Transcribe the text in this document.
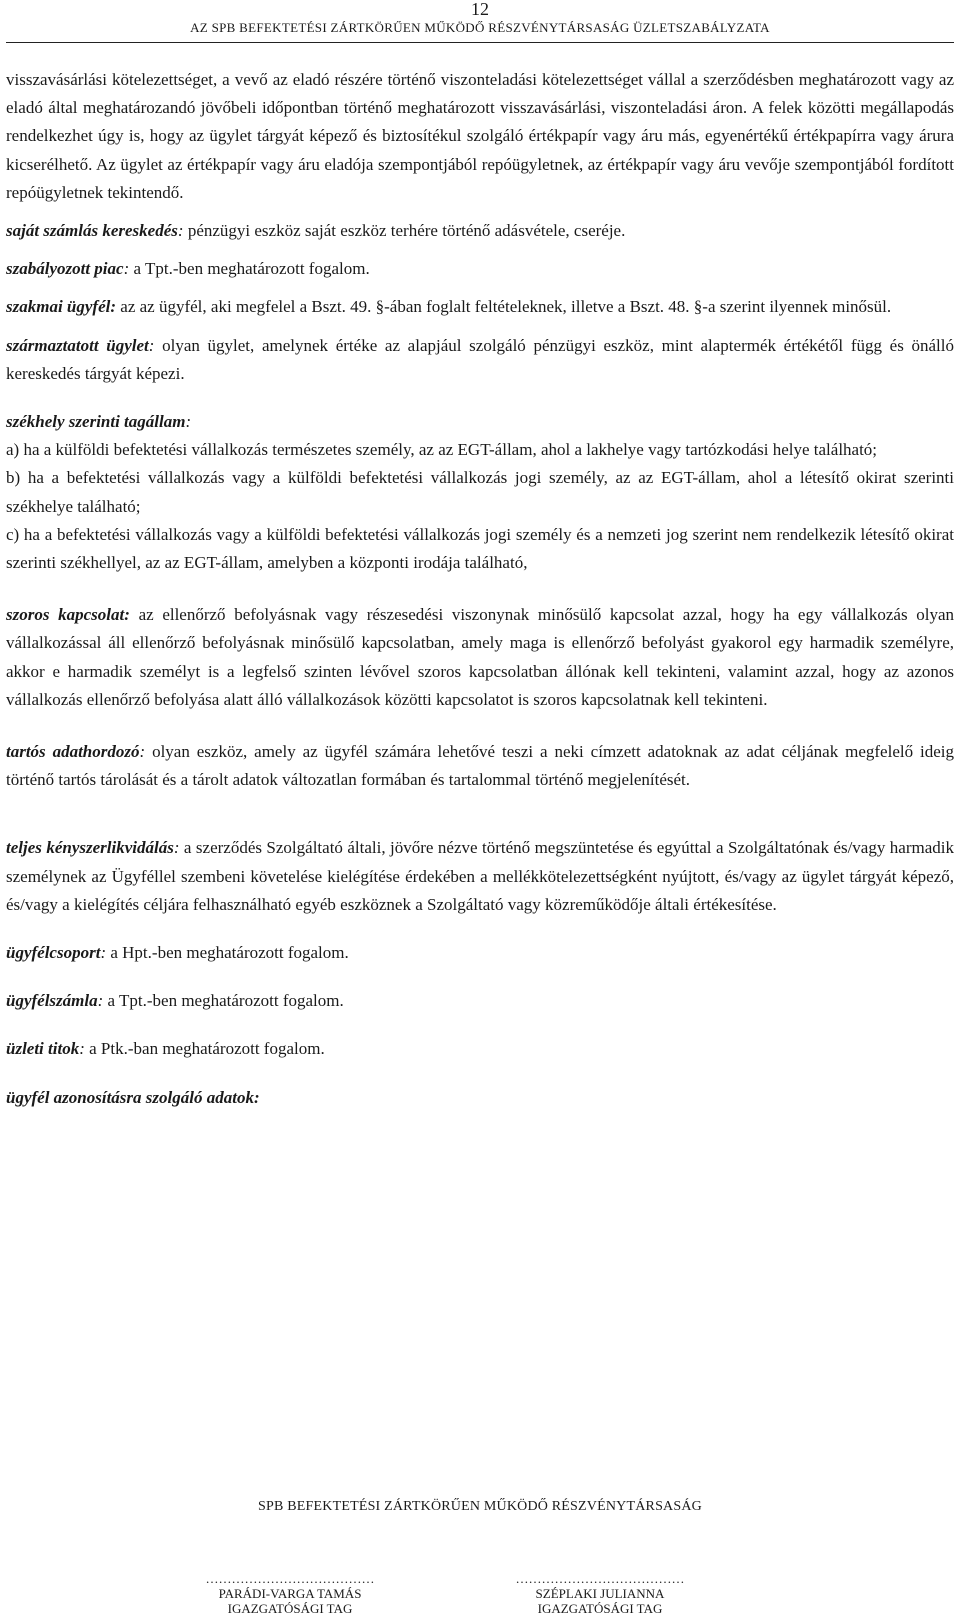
12
AZ SPB BEFEKTETÉSI ZÁRTKÖRŰEN MŰKÖDŐ RÉSZVÉNYTÁRSASÁG ÜZLETSZABÁLYZATA

visszavásárlási kötelezettséget, a vevő az eladó részére történő viszonteladási kötelezettséget vállal a szerződésben meghatározott vagy az eladó által meghatározandó jövőbeli időpontban történő meghatározott visszavásárlási, viszonteladási áron. A felek közötti megállapodás rendelkezhet úgy is, hogy az ügylet tárgyát képező és biztosítékul szolgáló értékpapír vagy áru más, egyenértékű értékpapírra vagy árura kicserélhető. Az ügylet az értékpapír vagy áru eladója szempontjából repóügyletnek, az értékpapír vagy áru vevője szempontjából fordított repóügyletnek tekintendő.

saját számlás kereskedés: pénzügyi eszköz saját eszköz terhére történő adásvétele, cseréje.

szabályozott piac: a Tpt.-ben meghatározott fogalom.

szakmai ügyfél: az az ügyfél, aki megfelel a Bszt. 49. §-ában foglalt feltételeknek, illetve a Bszt. 48. §-a szerint ilyennek minősül.

származtatott ügylet: olyan ügylet, amelynek értéke az alapjául szolgáló pénzügyi eszköz, mint alaptermék értékétől függ és önálló kereskedés tárgyát képezi.

székhely szerinti tagállam:

a) ha a külföldi befektetési vállalkozás természetes személy, az az EGT-állam, ahol a lakhelye vagy tartózkodási helye található;

b) ha a befektetési vállalkozás vagy a külföldi befektetési vállalkozás jogi személy, az az EGT-állam, ahol a létesítő okirat szerinti székhelye található;

c) ha a befektetési vállalkozás vagy a külföldi befektetési vállalkozás jogi személy és a nemzeti jog szerint nem rendelkezik létesítő okirat szerinti székhellyel, az az EGT-állam, amelyben a központi irodája található,

szoros kapcsolat: az ellenőrző befolyásnak vagy részesedési viszonynak minősülő kapcsolat azzal, hogy ha egy vállalkozás olyan vállalkozással áll ellenőrző befolyásnak minősülő kapcsolatban, amely maga is ellenőrző befolyást gyakorol egy harmadik személyre, akkor e harmadik személyt is a legfelső szinten lévővel szoros kapcsolatban állónak kell tekinteni, valamint azzal, hogy az azonos vállalkozás ellenőrző befolyása alatt álló vállalkozások közötti kapcsolatot is szoros kapcsolatnak kell tekinteni.

tartós adathordozó: olyan eszköz, amely az ügyfél számára lehetővé teszi a neki címzett adatoknak az adat céljának megfelelő ideig történő tartós tárolását és a tárolt adatok változatlan formában és tartalommal történő megjelenítését.

teljes kényszerlikvidálás: a szerződés Szolgáltató általi, jövőre nézve történő megszüntetése és egyúttal a Szolgáltatónak és/vagy harmadik személynek az Ügyféllel szembeni követelése kielégítése érdekében a mellékkötelezettségként nyújtott, és/vagy az ügylet tárgyát képező, és/vagy a kielégítés céljára felhasználható egyéb eszköznek a Szolgáltató vagy közreműködője általi értékesítése.

ügyfélcsoport: a Hpt.-ben meghatározott fogalom.

ügyfélszámla: a Tpt.-ben meghatározott fogalom.

üzleti titok: a Ptk.-ban meghatározott fogalom.

ügyfél azonosításra szolgáló adatok:

SPB BEFEKTETÉSI ZÁRTKÖRŰEN MŰKÖDŐ RÉSZVÉNYTÁRSASÁG
…………………………………
PARÁDI-VARGA TAMÁS
IGAZGATÓSÁGI TAG
…………………………………
SZÉPLAKI JULIANNA
IGAZGATÓSÁGI TAG
